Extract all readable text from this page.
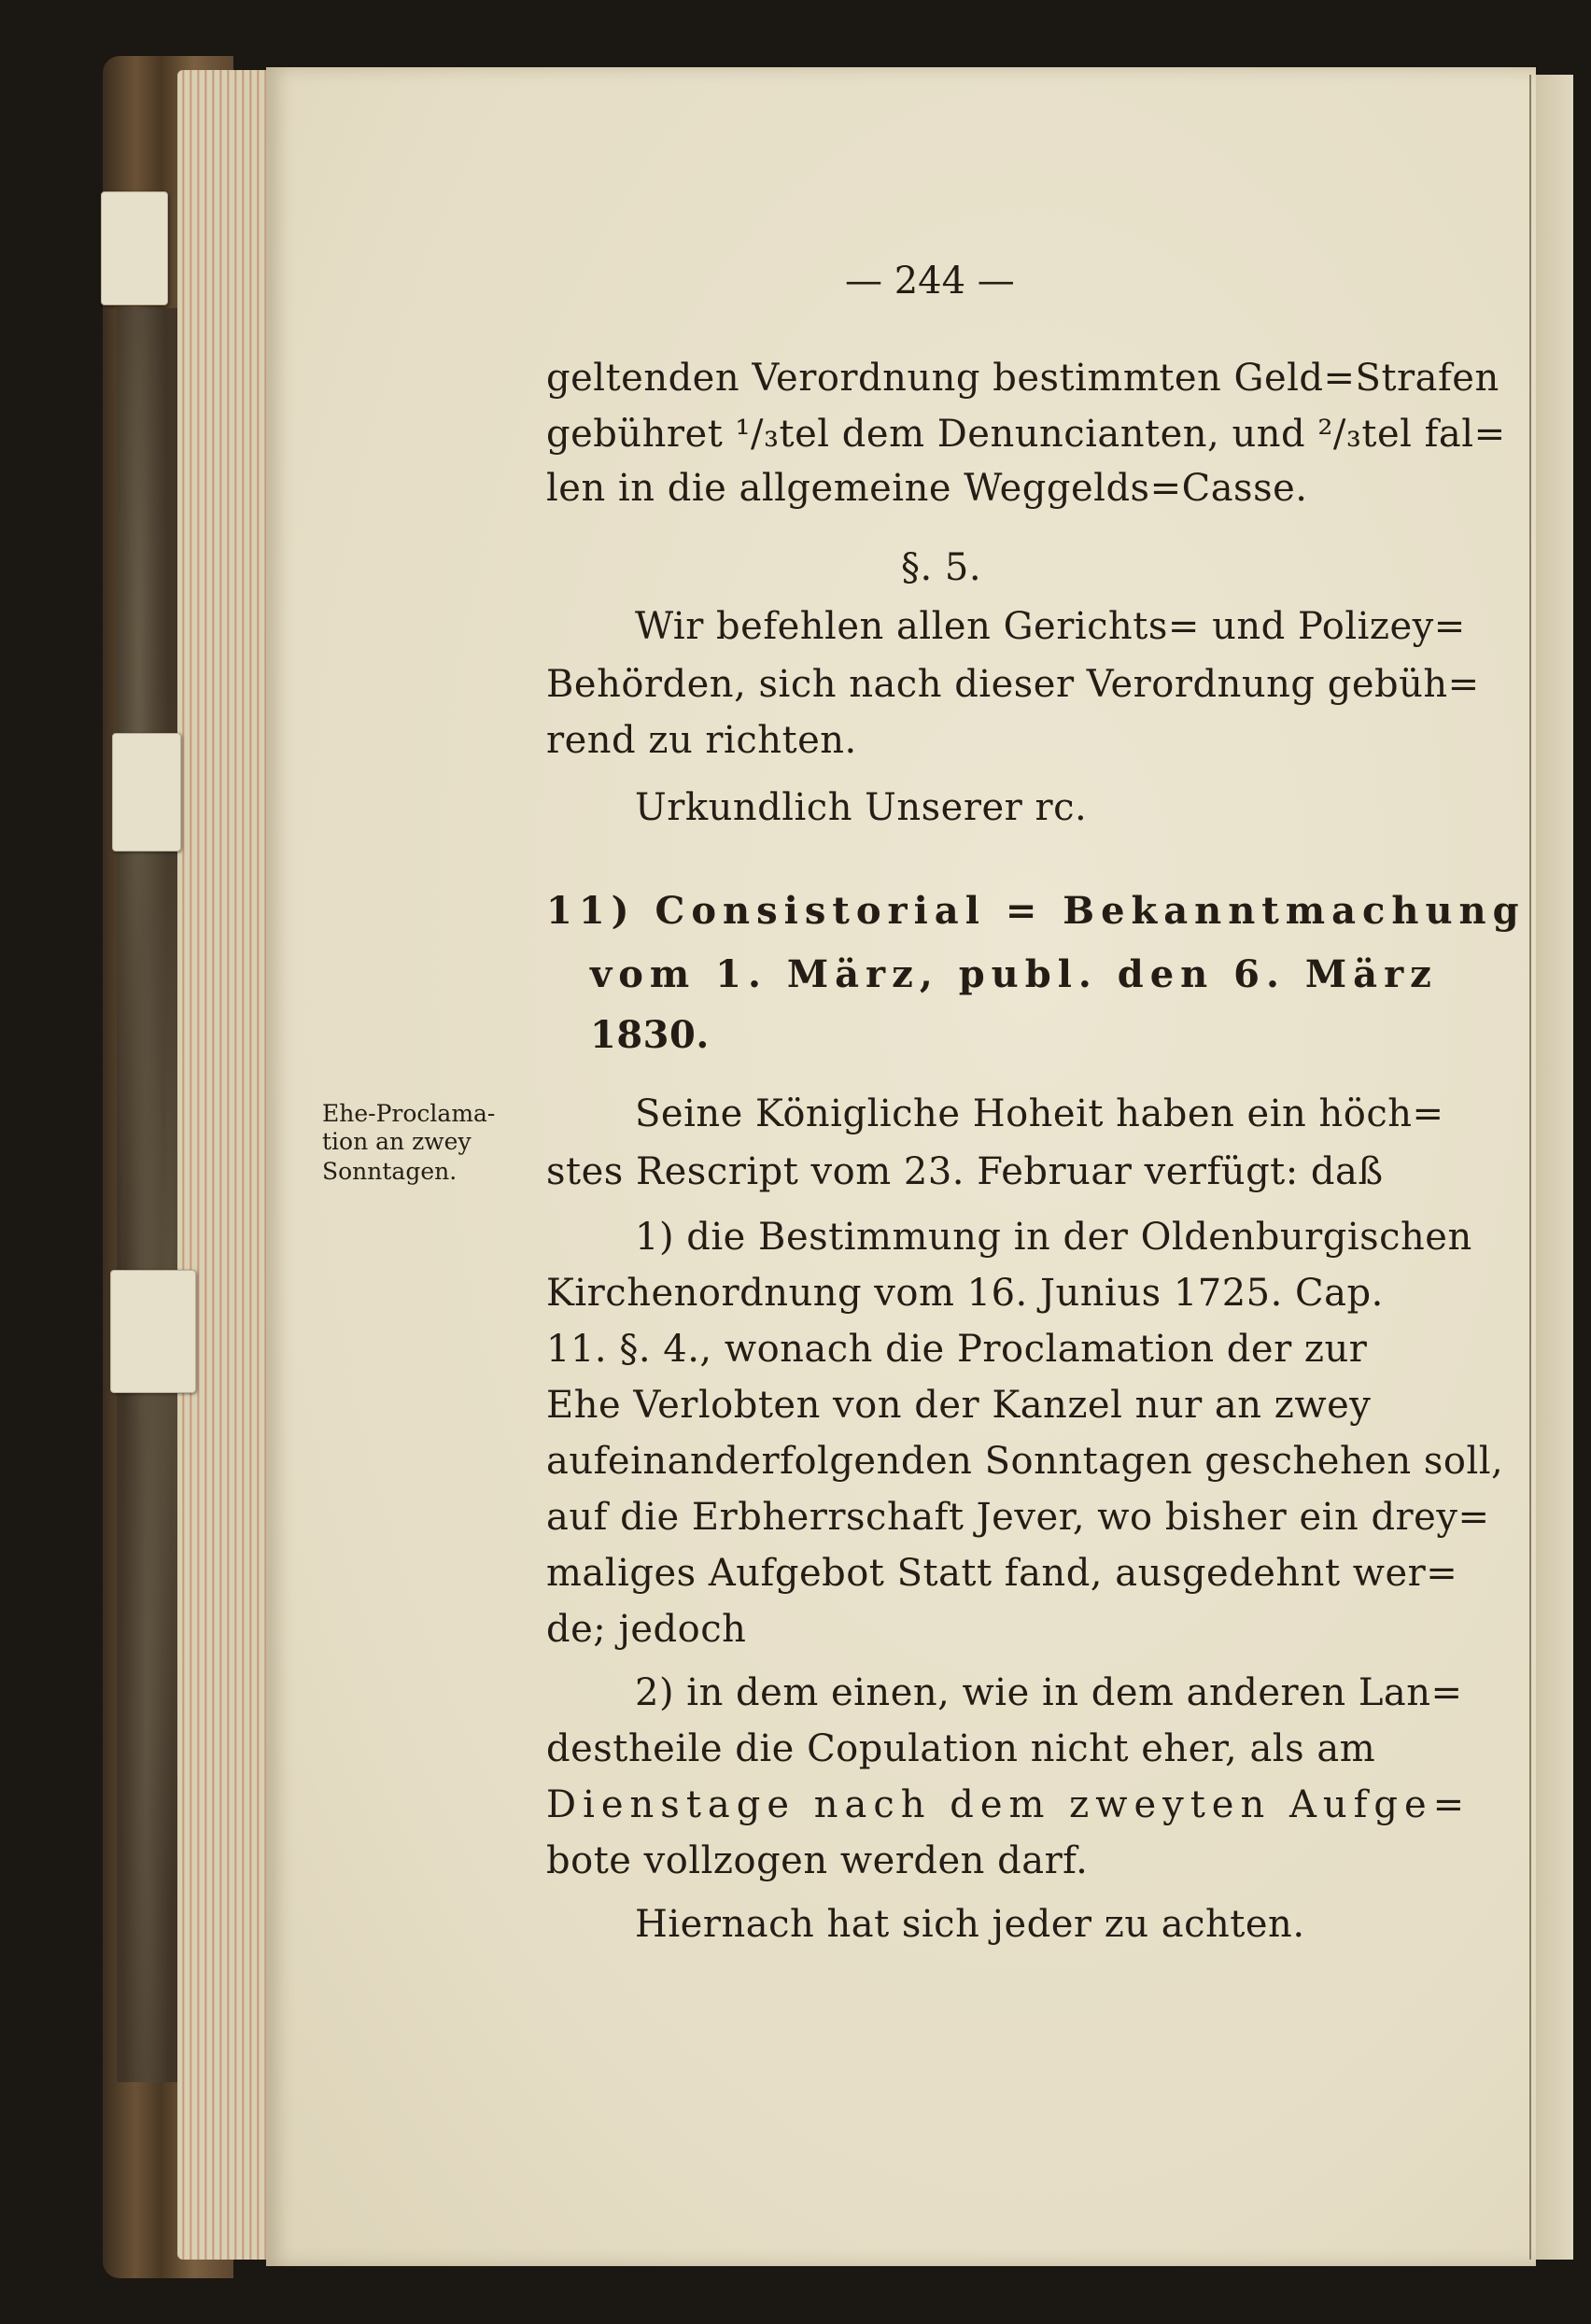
— 244 —

geltenden Verordnung bestimmten Geld=Strafen

gebühret ¹/₃tel dem Denuncianten, und ²/₃tel fal=

len in die allgemeine Weggelds=Casse.

§. 5.

Wir befehlen allen Gerichts= und Polizey=

Behörden, sich nach dieser Verordnung gebüh=

rend zu richten.

Urkundlich Unserer rc.

11) Consistorial = Bekanntmachung

vom 1. März, publ. den 6. März

1830.

Ehe-Proclama-

tion an zwey

Sonntagen.

Seine Königliche Hoheit haben ein höch=

stes Rescript vom 23. Februar verfügt: daß

1) die Bestimmung in der Oldenburgischen

Kirchenordnung vom 16. Junius 1725. Cap.

11. §. 4., wonach die Proclamation der zur

Ehe Verlobten von der Kanzel nur an zwey

aufeinanderfolgenden Sonntagen geschehen soll,

auf die Erbherrschaft Jever, wo bisher ein drey=

maliges Aufgebot Statt fand, ausgedehnt wer=

de; jedoch

2) in dem einen, wie in dem anderen Lan=

destheile die Copulation nicht eher, als am

Dienstage nach dem zweyten Aufge=

bote vollzogen werden darf.

Hiernach hat sich jeder zu achten.
